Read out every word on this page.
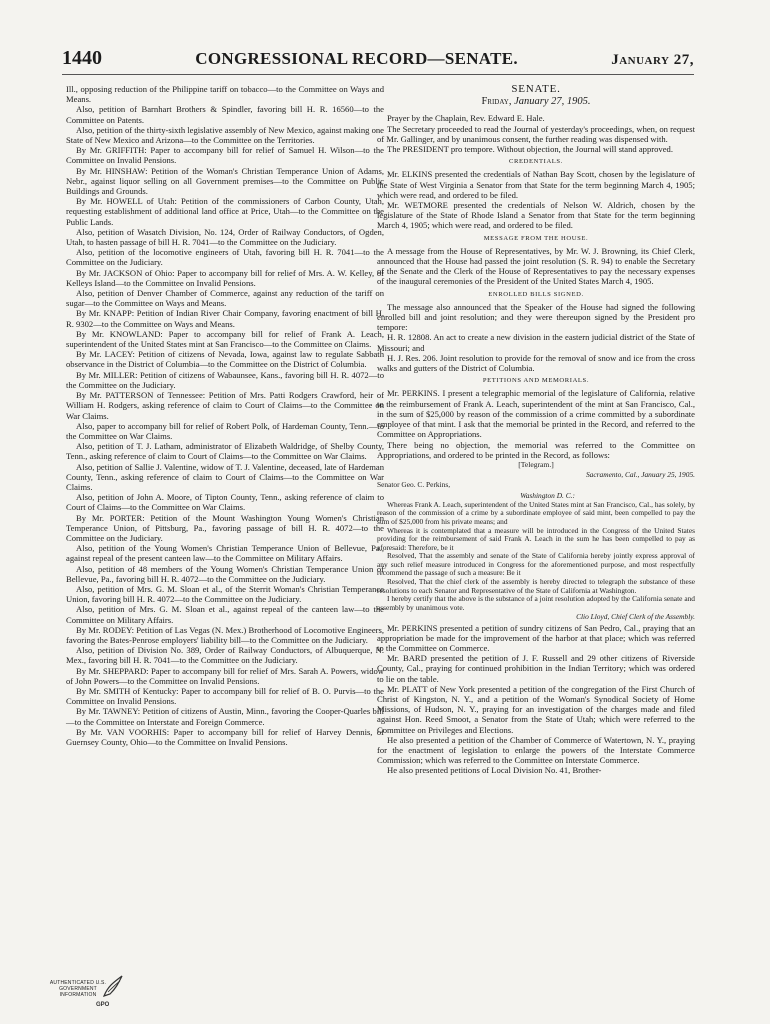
1440	CONGRESSIONAL RECORD—SENATE.	January 27,

Ill., opposing reduction of the Philippine tariff on tobacco—to the Committee on Ways and Means.

Also, petition of Barnhart Brothers & Spindler, favoring bill H. R. 16560—to the Committee on Patents.

Also, petition of the thirty-sixth legislative assembly of New Mexico, against making one State of New Mexico and Arizona—to the Committee on the Territories.

By Mr. GRIFFITH: Paper to accompany bill for relief of Samuel H. Wilson—to the Committee on Invalid Pensions.

By Mr. HINSHAW: Petition of the Woman's Christian Temperance Union of Adams, Nebr., against liquor selling on all Government premises—to the Committee on Public Buildings and Grounds.

By Mr. HOWELL of Utah: Petition of the commissioners of Carbon County, Utah, requesting establishment of additional land office at Price, Utah—to the Committee on the Public Lands.

Also, petition of Wasatch Division, No. 124, Order of Railway Conductors, of Ogden, Utah, to hasten passage of bill H. R. 7041—to the Committee on the Judiciary.

Also, petition of the locomotive engineers of Utah, favoring bill H. R. 7041—to the Committee on the Judiciary.

By Mr. JACKSON of Ohio: Paper to accompany bill for relief of Mrs. A. W. Kelley, of Kelleys Island—to the Committee on Invalid Pensions.

Also, petition of Denver Chamber of Commerce, against any reduction of the tariff on sugar—to the Committee on Ways and Means.

By Mr. KNAPP: Petition of Indian River Chair Company, favoring enactment of bill H. R. 9302—to the Committee on Ways and Means.

By Mr. KNOWLAND: Paper to accompany bill for relief of Frank A. Leach, superintendent of the United States mint at San Francisco—to the Committee on Claims.

By Mr. LACEY: Petition of citizens of Nevada, Iowa, against law to regulate Sabbath observance in the District of Columbia—to the Committee on the District of Columbia.

By Mr. MILLER: Petition of citizens of Wabaunsee, Kans., favoring bill H. R. 4072—to the Committee on the Judiciary.

By Mr. PATTERSON of Tennessee: Petition of Mrs. Patti Rodgers Crawford, heir of William H. Rodgers, asking reference of claim to Court of Claims—to the Committee on War Claims.

Also, paper to accompany bill for relief of Robert Polk, of Hardeman County, Tenn.—to the Committee on War Claims.

Also, petition of T. J. Latham, administrator of Elizabeth Waldridge, of Shelby County, Tenn., asking reference of claim to Court of Claims—to the Committee on War Claims.

Also, petition of Sallie J. Valentine, widow of T. J. Valentine, deceased, late of Hardeman County, Tenn., asking reference of claim to Court of Claims—to the Committee on War Claims.

Also, petition of John A. Moore, of Tipton County, Tenn., asking reference of claim to Court of Claims—to the Committee on War Claims.

By Mr. PORTER: Petition of the Mount Washington Young Women's Christian Temperance Union, of Pittsburg, Pa., favoring passage of bill H. R. 4072—to the Committee on the Judiciary.

Also, petition of the Young Women's Christian Temperance Union of Bellevue, Pa., against repeal of the present canteen law—to the Committee on Military Affairs.

Also, petition of 48 members of the Young Women's Christian Temperance Union of Bellevue, Pa., favoring bill H. R. 4072—to the Committee on the Judiciary.

Also, petition of Mrs. G. M. Sloan et al., of the Sterrit Woman's Christian Temperance Union, favoring bill H. R. 4072—to the Committee on the Judiciary.

Also, petition of Mrs. G. M. Sloan et al., against repeal of the canteen law—to the Committee on Military Affairs.

By Mr. RODEY: Petition of Las Vegas (N. Mex.) Brotherhood of Locomotive Engineers, favoring the Bates-Penrose employers' liability bill—to the Committee on the Judiciary.

Also, petition of Division No. 389, Order of Railway Conductors, of Albuquerque, N. Mex., favoring bill H. R. 7041—to the Committee on the Judiciary.

By Mr. SHEPPARD: Paper to accompany bill for relief of Mrs. Sarah A. Powers, widow of John Powers—to the Committee on Invalid Pensions.

By Mr. SMITH of Kentucky: Paper to accompany bill for relief of B. O. Purvis—to the Committee on Invalid Pensions.

By Mr. TAWNEY: Petition of citizens of Austin, Minn., favoring the Cooper-Quarles bill—to the Committee on Interstate and Foreign Commerce.

By Mr. VAN VOORHIS: Paper to accompany bill for relief of Harvey Dennis, of Guernsey County, Ohio—to the Committee on Invalid Pensions.

SENATE.

Friday, January 27, 1905.

Prayer by the Chaplain, Rev. Edward E. Hale.

The Secretary proceeded to read the Journal of yesterday's proceedings, when, on request of Mr. Gallinger, and by unanimous consent, the further reading was dispensed with.

The PRESIDENT pro tempore. Without objection, the Journal will stand approved.

CREDENTIALS.

Mr. ELKINS presented the credentials of Nathan Bay Scott, chosen by the legislature of the State of West Virginia a Senator from that State for the term beginning March 4, 1905; which were read, and ordered to be filed.

Mr. WETMORE presented the credentials of Nelson W. Aldrich, chosen by the legislature of the State of Rhode Island a Senator from that State for the term beginning March 4, 1905; which were read, and ordered to be filed.

MESSAGE FROM THE HOUSE.

A message from the House of Representatives, by Mr. W. J. Browning, its Chief Clerk, announced that the House had passed the joint resolution (S. R. 94) to enable the Secretary of the Senate and the Clerk of the House of Representatives to pay the necessary expenses of the inaugural ceremonies of the President of the United States March 4, 1905.

ENROLLED BILLS SIGNED.

The message also announced that the Speaker of the House had signed the following enrolled bill and joint resolution; and they were thereupon signed by the President pro tempore:

H. R. 12808. An act to create a new division in the eastern judicial district of the State of Missouri; and

H. J. Res. 206. Joint resolution to provide for the removal of snow and ice from the cross walks and gutters of the District of Columbia.

PETITIONS AND MEMORIALS.

Mr. PERKINS. I present a telegraphic memorial of the legislature of California, relative to the reimbursement of Frank A. Leach, superintendent of the mint at San Francisco, Cal., in the sum of $25,000 by reason of the commission of a crime committed by a subordinate employee of that mint. I ask that the memorial be printed in the Record, and referred to the Committee on Appropriations.

There being no objection, the memorial was referred to the Committee on Appropriations, and ordered to be printed in the Record, as follows:

[Telegram.]

Sacramento, Cal., January 25, 1905.

Senator Geo. C. Perkins,

Washington D. C.:

Whereas Frank A. Leach, superintendent of the United States mint at San Francisco, Cal., has solely, by reason of the commission of a crime by a subordinate employee of said mint, been compelled to pay the sum of $25,000 from his private means; and

Whereas it is contemplated that a measure will be introduced in the Congress of the United States providing for the reimbursement of said Frank A. Leach in the sum he has been compelled to pay as aforesaid: Therefore, be it

Resolved, That the assembly and senate of the State of California hereby jointly express approval of any such relief measure introduced in Congress for the aforementioned purpose, and most respectfully recommend the passage of such a measure: Be it

Resolved, That the chief clerk of the assembly is hereby directed to telegraph the substance of these resolutions to each Senator and Representative of the State of California at Washington.

I hereby certify that the above is the substance of a joint resolution adopted by the California senate and assembly by unanimous vote.

Clio Lloyd, Chief Clerk of the Assembly.

Mr. PERKINS presented a petition of sundry citizens of San Pedro, Cal., praying that an appropriation be made for the improvement of the harbor at that place; which was referred to the Committee on Commerce.

Mr. BARD presented the petition of J. F. Russell and 29 other citizens of Riverside County, Cal., praying for continued prohibition in the Indian Territory; which was ordered to lie on the table.

Mr. PLATT of New York presented a petition of the congregation of the First Church of Christ of Kingston, N. Y., and a petition of the Woman's Synodical Society of Home Missions, of Hudson, N. Y., praying for an investigation of the charges made and filed against Hon. Reed Smoot, a Senator from the State of Utah; which were referred to the Committee on Privileges and Elections.

He also presented a petition of the Chamber of Commerce of Watertown, N. Y., praying for the enactment of legislation to enlarge the powers of the Interstate Commerce Commission; which was referred to the Committee on Interstate Commerce.

He also presented petitions of Local Division No. 41, Brother-

AUTHENTICATED U.S. GOVERNMENT INFORMATION
GPO
